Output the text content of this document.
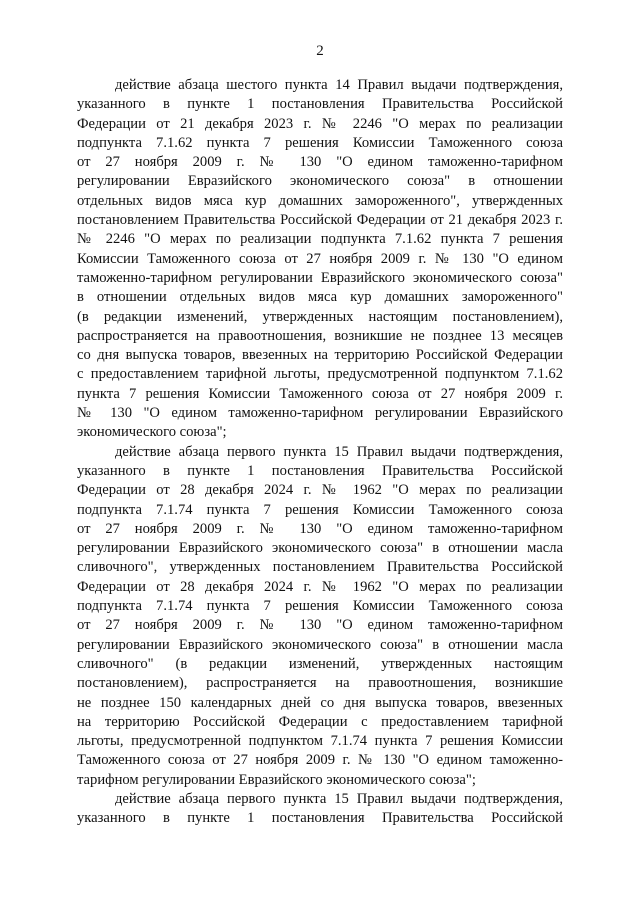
2

действие абзаца шестого пункта 14 Правил выдачи подтверждения,
указанного в пункте 1 постановления Правительства Российской
Федерации от 21 декабря 2023 г. № 2246 "О мерах по реализации
подпункта 7.1.62 пункта 7 решения Комиссии Таможенного союза
от 27 ноября 2009 г. № 130 "О едином таможенно-тарифном
регулировании Евразийского экономического союза" в отношении
отдельных видов мяса кур домашних замороженного", утвержденных
постановлением Правительства Российской Федерации от 21 декабря 2023 г.
№ 2246 "О мерах по реализации подпункта 7.1.62 пункта 7 решения
Комиссии Таможенного союза от 27 ноября 2009 г. № 130 "О едином
таможенно-тарифном регулировании Евразийского экономического союза"
в отношении отдельных видов мяса кур домашних замороженного"
(в редакции изменений, утвержденных настоящим постановлением),
распространяется на правоотношения, возникшие не позднее 13 месяцев
со дня выпуска товаров, ввезенных на территорию Российской Федерации
с предоставлением тарифной льготы, предусмотренной подпунктом 7.1.62
пункта 7 решения Комиссии Таможенного союза от 27 ноября 2009 г.
№ 130 "О едином таможенно-тарифном регулировании Евразийского
экономического союза";

действие абзаца первого пункта 15 Правил выдачи подтверждения,
указанного в пункте 1 постановления Правительства Российской
Федерации от 28 декабря 2024 г. № 1962 "О мерах по реализации
подпункта 7.1.74 пункта 7 решения Комиссии Таможенного союза
от 27 ноября 2009 г. № 130 "О едином таможенно-тарифном
регулировании Евразийского экономического союза" в отношении масла
сливочного", утвержденных постановлением Правительства Российской
Федерации от 28 декабря 2024 г. № 1962 "О мерах по реализации
подпункта 7.1.74 пункта 7 решения Комиссии Таможенного союза
от 27 ноября 2009 г. № 130 "О едином таможенно-тарифном
регулировании Евразийского экономического союза" в отношении масла
сливочного" (в редакции изменений, утвержденных настоящим
постановлением), распространяется на правоотношения, возникшие
не позднее 150 календарных дней со дня выпуска товаров, ввезенных
на территорию Российской Федерации с предоставлением тарифной
льготы, предусмотренной подпунктом 7.1.74 пункта 7 решения Комиссии
Таможенного союза от 27 ноября 2009 г. № 130 "О едином таможенно-
тарифном регулировании Евразийского экономического союза";

действие абзаца первого пункта 15 Правил выдачи подтверждения,
указанного в пункте 1 постановления Правительства Российской
